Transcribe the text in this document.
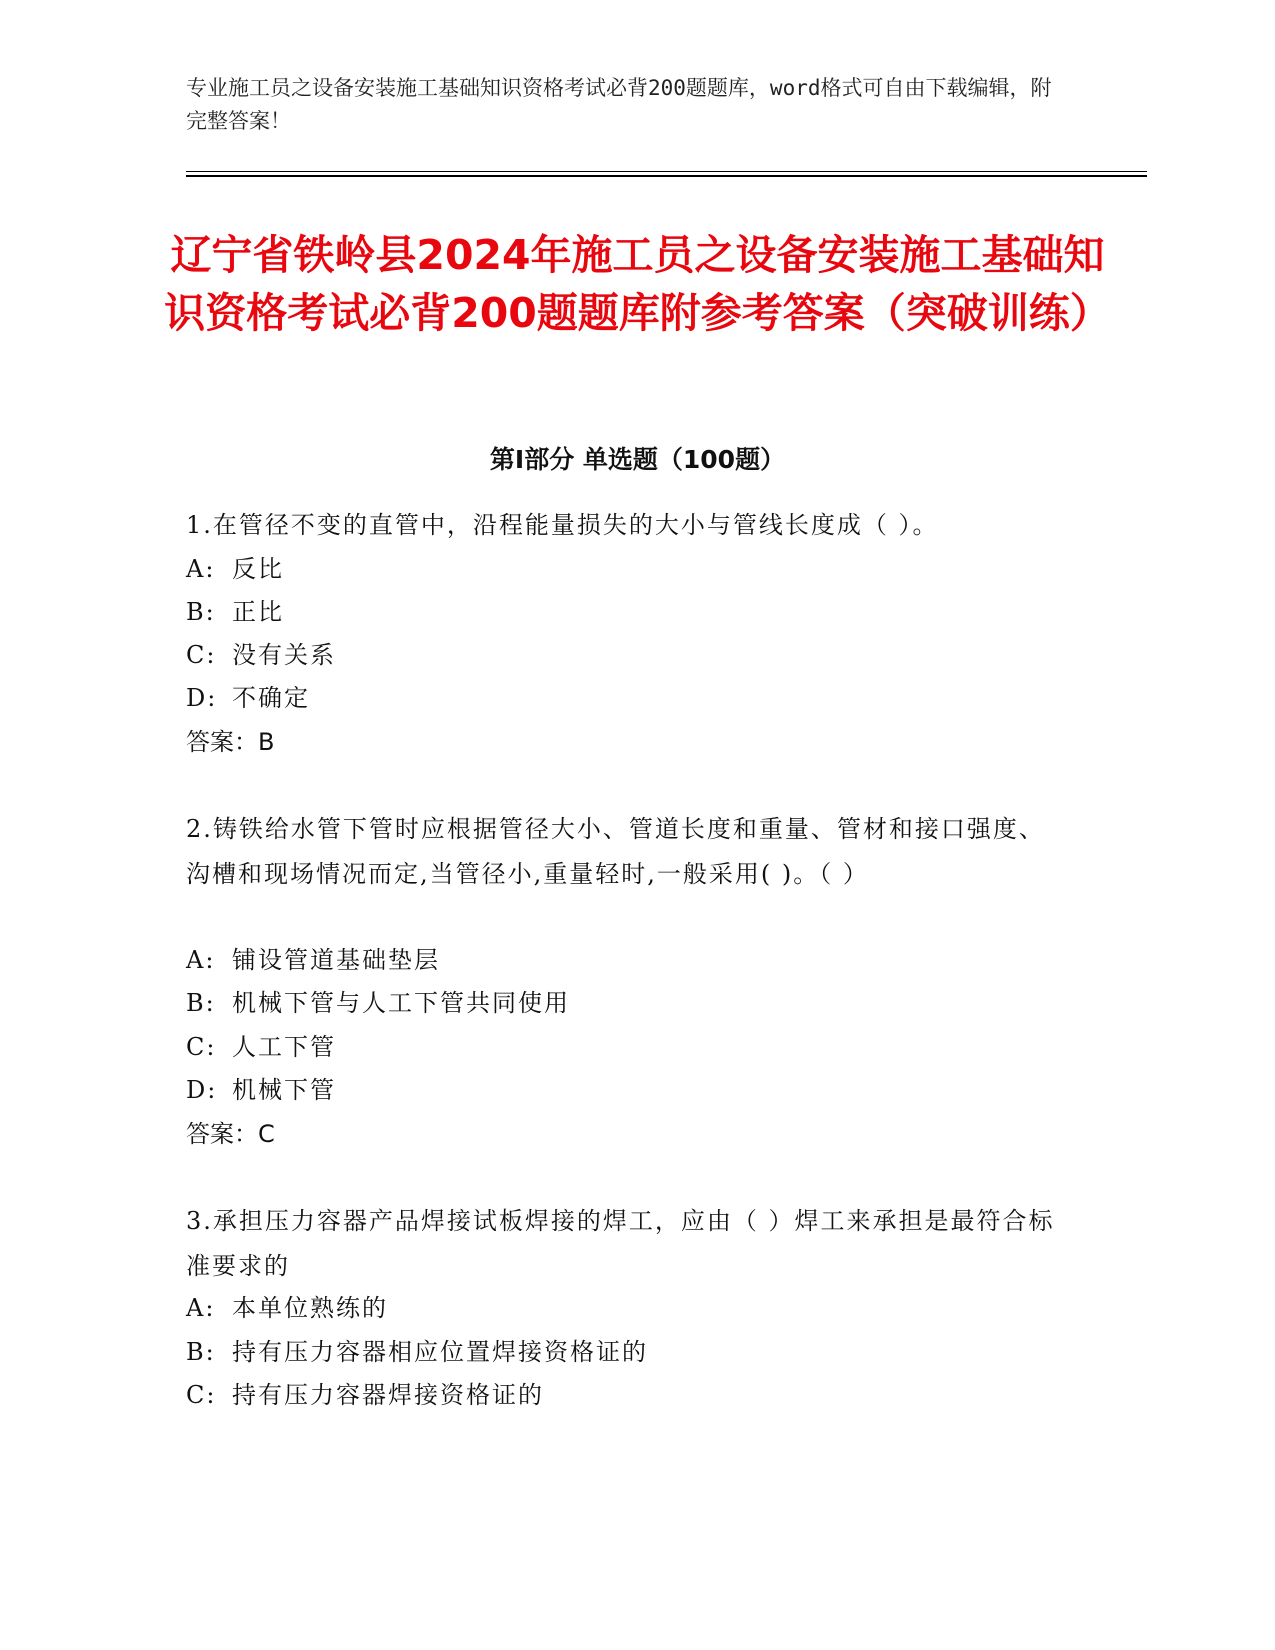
专业施工员之设备安装施工基础知识资格考试必背200题题库，word格式可自由下载编辑，附完整答案！
辽宁省铁岭县2024年施工员之设备安装施工基础知识资格考试必背200题题库附参考答案（突破训练）
第Ⅰ部分 单选题（100题）
1.在管径不变的直管中，沿程能量损失的大小与管线长度成（ ）。
A: 反比
B: 正比
C: 没有关系
D: 不确定
答案：B
2.铸铁给水管下管时应根据管径大小、管道长度和重量、管材和接口强度、沟槽和现场情况而定,当管径小,重量轻时,一般采用( )。（ ）
A: 铺设管道基础垫层
B: 机械下管与人工下管共同使用
C: 人工下管
D: 机械下管
答案：C
3.承担压力容器产品焊接试板焊接的焊工，应由（ ）焊工来承担是最符合标准要求的
A: 本单位熟练的
B: 持有压力容器相应位置焊接资格证的
C: 持有压力容器焊接资格证的
